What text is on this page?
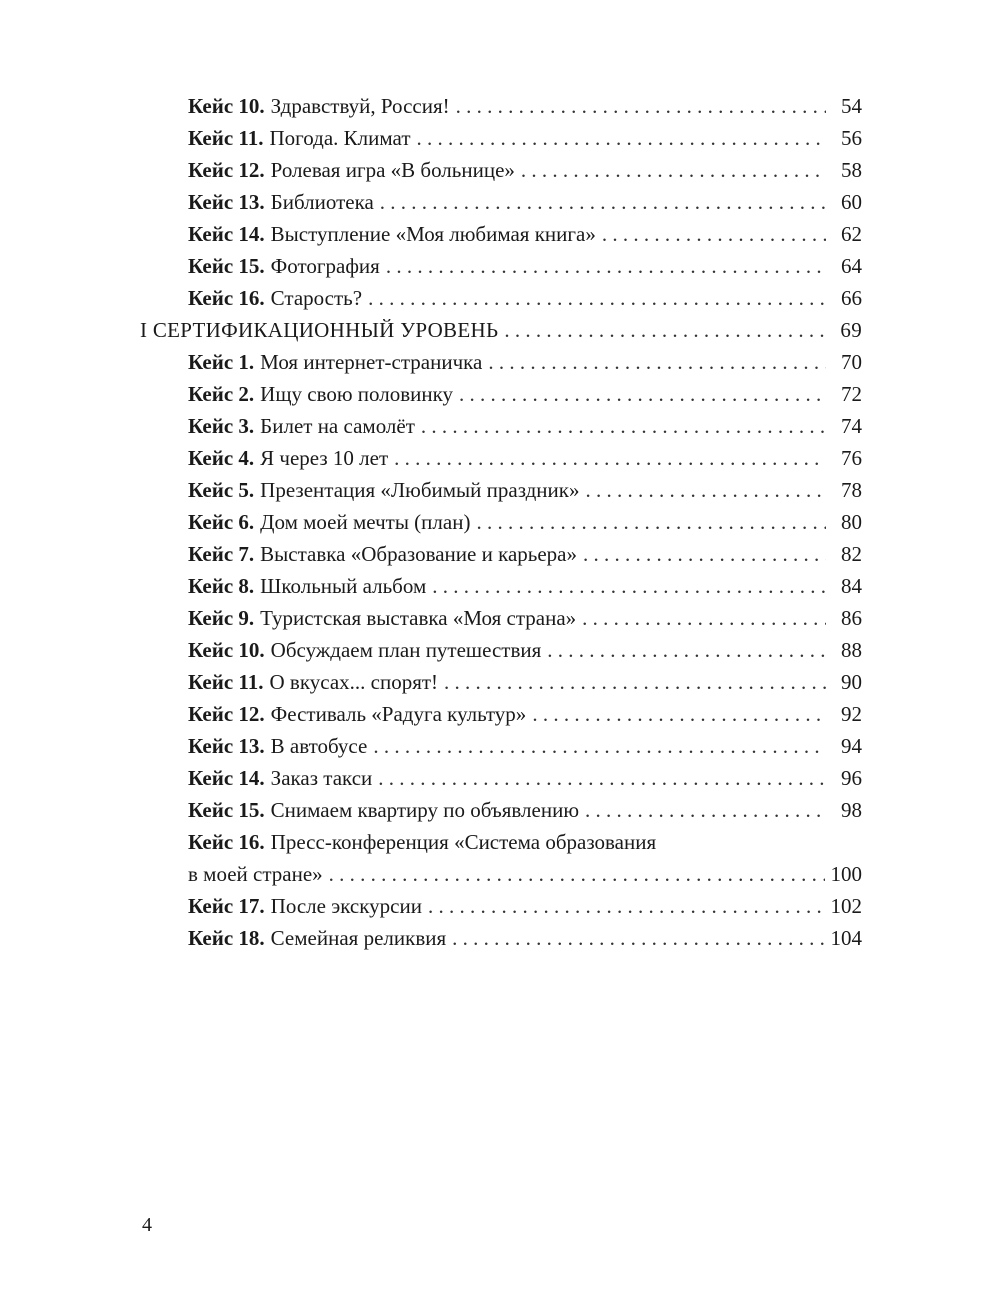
Кейс 10. Здравствуй, Россия! . . .	54
Кейс 11. Погода. Климат . . .	56
Кейс 12. Ролевая игра «В больнице» . . .	58
Кейс 13. Библиотека . . .	60
Кейс 14. Выступление «Моя любимая книга» . . .	62
Кейс 15. Фотография . . .	64
Кейс 16. Старость? . . .	66
I СЕРТИФИКАЦИОННЫЙ УРОВЕНЬ . . .	69
Кейс 1. Моя интернет-страничка . . .	70
Кейс 2. Ищу свою половинку . . .	72
Кейс 3. Билет на самолёт . . .	74
Кейс 4. Я через 10 лет . . .	76
Кейс 5. Презентация «Любимый праздник» . . .	78
Кейс 6. Дом моей мечты (план) . . .	80
Кейс 7. Выставка «Образование и карьера» . . .	82
Кейс 8. Школьный альбом . . .	84
Кейс 9. Туристская выставка «Моя страна» . . .	86
Кейс 10. Обсуждаем план путешествия . . .	88
Кейс 11. О вкусах... спорят! . . .	90
Кейс 12. Фестиваль «Радуга культур» . . .	92
Кейс 13. В автобусе . . .	94
Кейс 14. Заказ такси . . .	96
Кейс 15. Снимаем квартиру по объявлению . . .	98
Кейс 16. Пресс-конференция «Система образования
в моей стране» . . .	100
Кейс 17. После экскурсии . . .	102
Кейс 18. Семейная реликвия . . .	104
4
